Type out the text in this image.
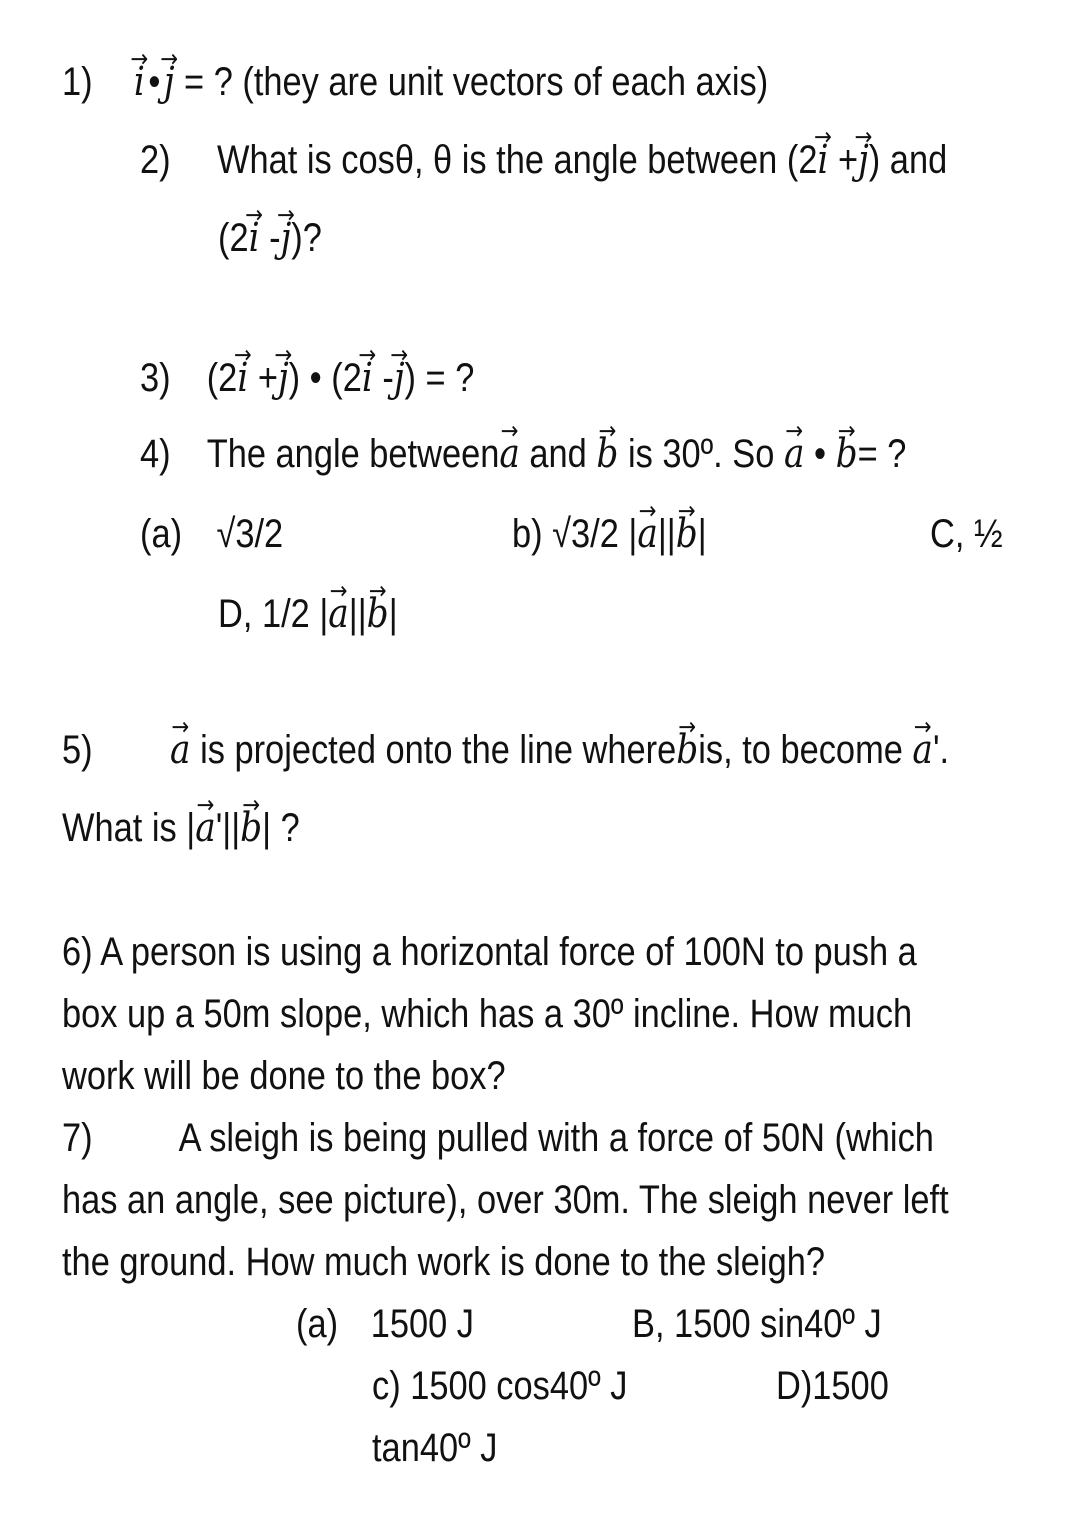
1) → i•→ j = ? (they are unit vectors of each axis)
2) What is cosθ, θ is the angle between (2→ i +→ j) and
(2→ i -→ j)?
3) (2→ i +→ j) • (2→ i -→ j) = ?
4) The angle between→ a and → b is 30º. So → a • → b= ?
(a) √3/2	b) √3/2 |→ a||→ b|	C, ½
D, 1/2 |→ a||→ b|
5) → a is projected onto the line where→ bis, to become → a'.
What is |→ a'||→ b| ?
6) A person is using a horizontal force of 100N to push a
box up a 50m slope, which has a 30º incline. How much
work will be done to the box?
7) A sleigh is being pulled with a force of 50N (which
has an angle, see picture), over 30m. The sleigh never left
the ground. How much work is done to the sleigh?
(a) 1500 J	B, 1500 sin40º J
c) 1500 cos40º J	D)1500
tan40º J
